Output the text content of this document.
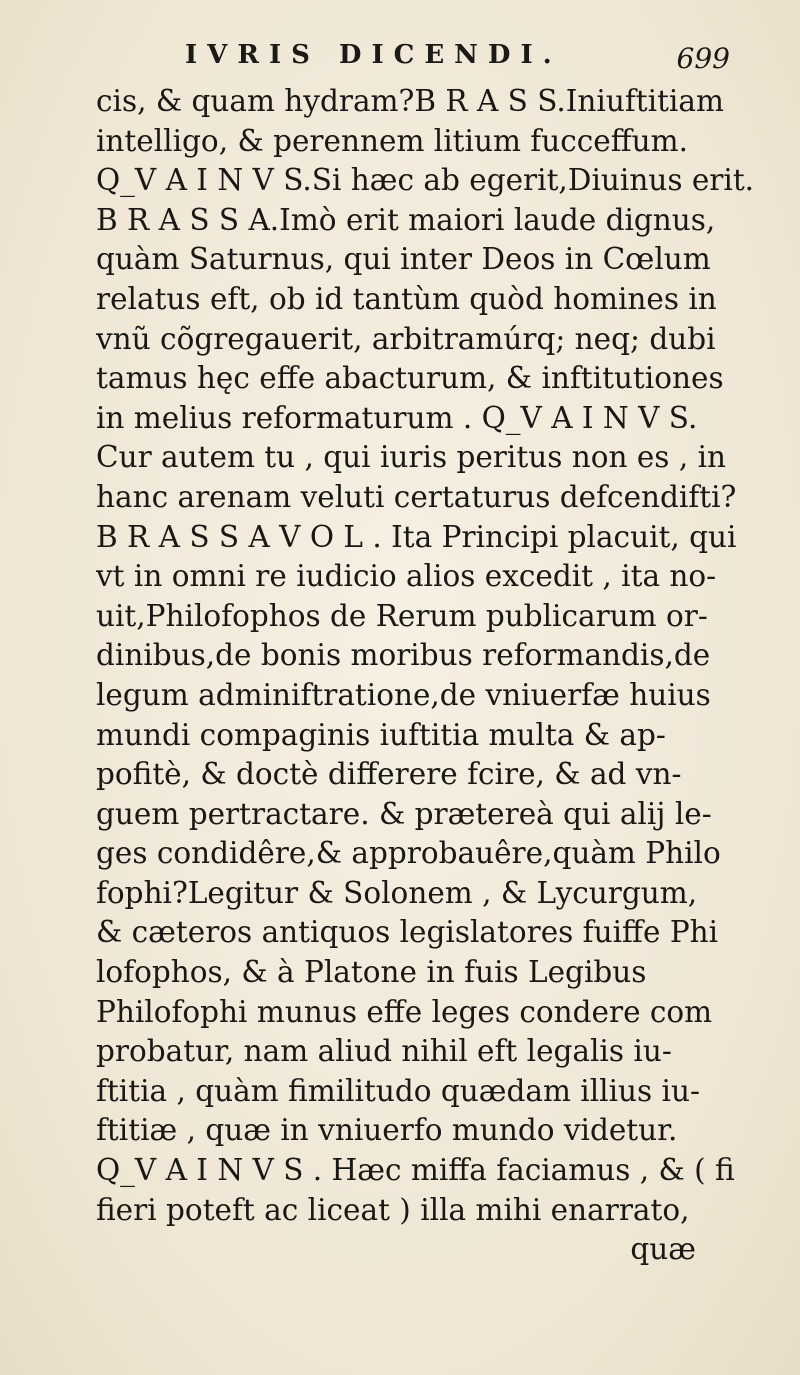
IVRIS DICENDI.	699
cis, & quam hydram?B R A S S.Iniuftitiam
intelligo, & perennem litium fucceffum.
Q_V A I N V S.Si hæc ab egerit,Diuinus erit.
B R A S S A.Imò erit maiori laude dignus,
quàm Saturnus, qui inter Deos in Cœlum
relatus eft, ob id tantùm quòd homines in
vnũ cõgregauerit, arbitramúrq; neq; dubi
tamus hęc effe abacturum, & inftitutiones
in melius reformaturum . Q_V A I N V S.
Cur autem tu , qui iuris peritus non es , in
hanc arenam veluti certaturus defcendifti?
B R A S S A V O L . Ita Principi placuit, qui
vt in omni re iudicio alios excedit , ita no-
uit,Philofophos de Rerum publicarum or-
dinibus,de bonis moribus reformandis,de
legum adminiftratione,de vniuerfæ huius
mundi compaginis iuftitia multa & ap-
pofitè, & doctè differere fcire, & ad vn-
guem pertractare. & prætereà qui alij le-
ges condidêre,& approbauêre,quàm Philo
fophi?Legitur & Solonem , & Lycurgum,
& cæteros antiquos legislatores fuiffe Phi
lofophos, & à Platone in fuis Legibus
Philofophi munus effe leges condere com
probatur, nam aliud nihil eft legalis iu-
ftitia , quàm fimilitudo quædam illius iu-
ftitiæ , quæ in vniuerfo mundo videtur.
Q_V A I N V S . Hæc miffa faciamus , & ( fi
fieri poteft ac liceat ) illa mihi enarrato,
quæ
